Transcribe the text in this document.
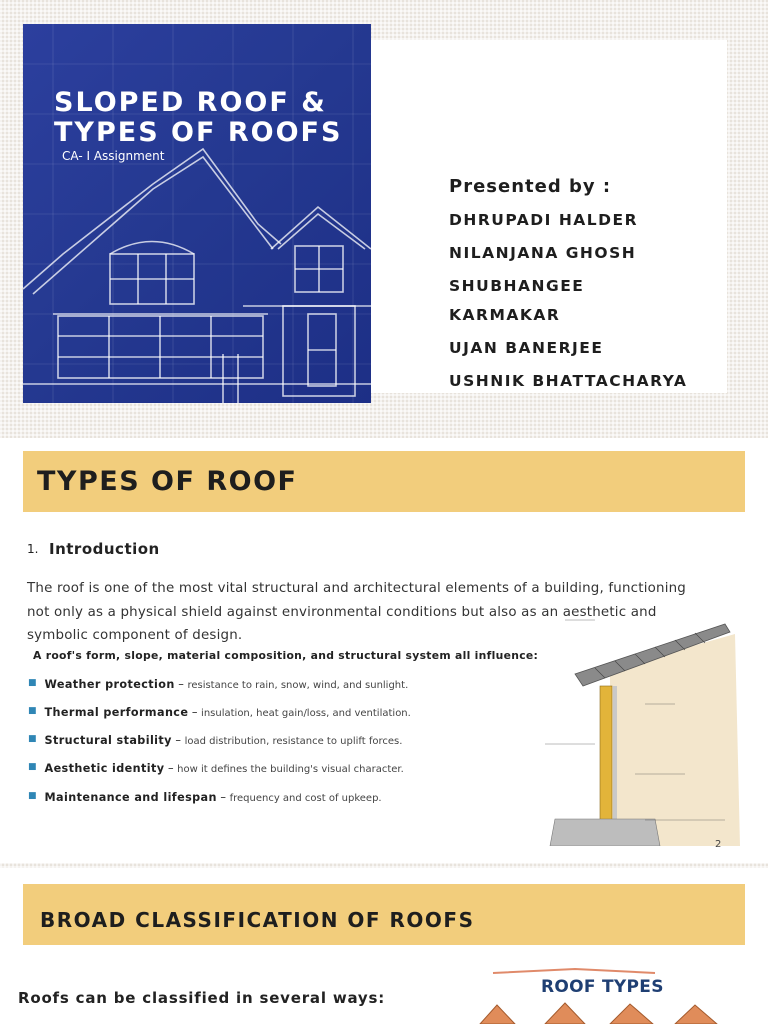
SLOPED ROOF &
TYPES OF ROOFS
CA- I Assignment
Presented by :
DHRUPADI HALDER
NILANJANA GHOSH
SHUBHANGEE
KARMAKAR
UJAN BANERJEE
USHNIK BHATTACHARYA
TYPES OF ROOF
1. Introduction

The roof is one of the most vital structural and architectural elements of a building, functioning
not only as a physical shield against environmental conditions but also as an aesthetic and
symbolic component of design.

A roof's form, slope, material composition, and structural system all influence:
■ Weather protection – resistance to rain, snow, wind, and sunlight.
■ Thermal performance – insulation, heat gain/loss, and ventilation.
■ Structural stability – load distribution, resistance to uplift forces.
■ Aesthetic identity – how it defines the building's visual character.
■ Maintenance and lifespan – frequency and cost of upkeep.
2
BROAD CLASSIFICATION OF ROOFS
Roofs can be classified in several ways:
ROOF TYPES
